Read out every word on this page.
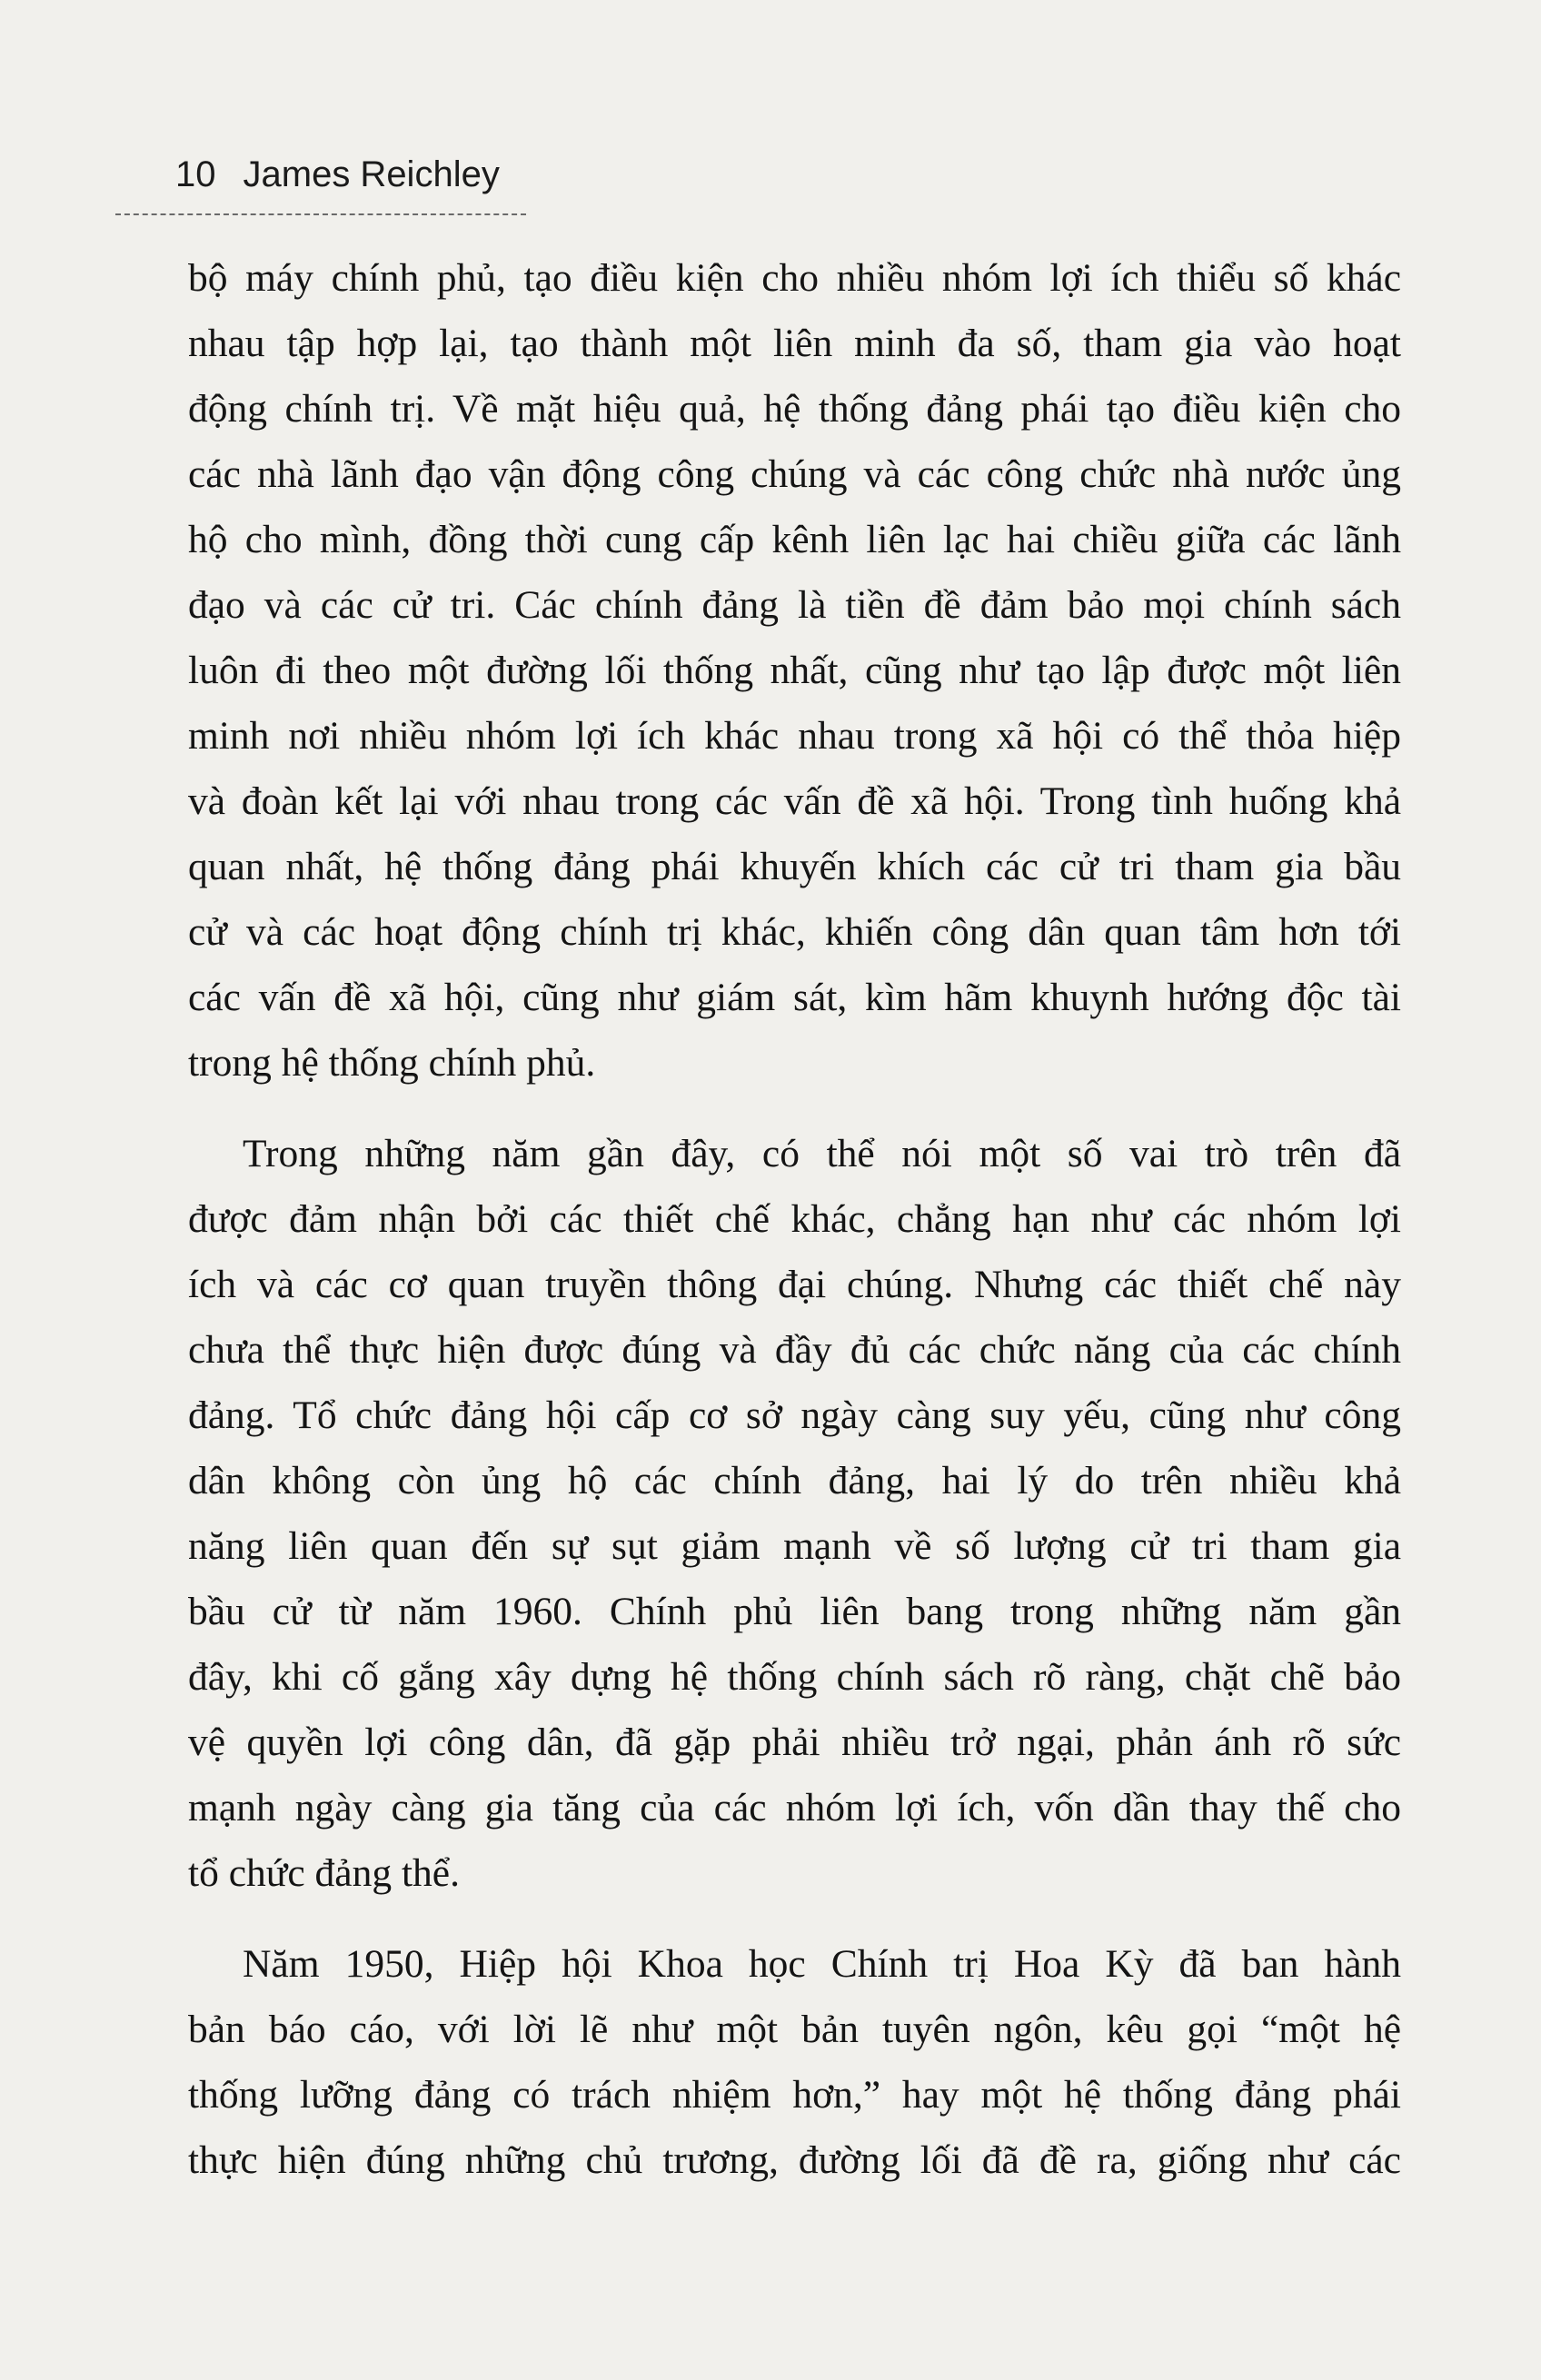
10 James Reichley

bộ máy chính phủ, tạo điều kiện cho nhiều nhóm lợi ích thiểu số khác
nhau tập hợp lại, tạo thành một liên minh đa số, tham gia vào hoạt
động chính trị. Về mặt hiệu quả, hệ thống đảng phái tạo điều kiện cho
các nhà lãnh đạo vận động công chúng và các công chức nhà nước ủng
hộ cho mình, đồng thời cung cấp kênh liên lạc hai chiều giữa các lãnh
đạo và các cử tri. Các chính đảng là tiền đề đảm bảo mọi chính sách
luôn đi theo một đường lối thống nhất, cũng như tạo lập được một liên
minh nơi nhiều nhóm lợi ích khác nhau trong xã hội có thể thỏa hiệp
và đoàn kết lại với nhau trong các vấn đề xã hội. Trong tình huống khả
quan nhất, hệ thống đảng phái khuyến khích các cử tri tham gia bầu
cử và các hoạt động chính trị khác, khiến công dân quan tâm hơn tới
các vấn đề xã hội, cũng như giám sát, kìm hãm khuynh hướng độc tài
trong hệ thống chính phủ.

Trong những năm gần đây, có thể nói một số vai trò trên đã
được đảm nhận bởi các thiết chế khác, chẳng hạn như các nhóm lợi
ích và các cơ quan truyền thông đại chúng. Nhưng các thiết chế này
chưa thể thực hiện được đúng và đầy đủ các chức năng của các chính
đảng. Tổ chức đảng hội cấp cơ sở ngày càng suy yếu, cũng như công
dân không còn ủng hộ các chính đảng, hai lý do trên nhiều khả
năng liên quan đến sự sụt giảm mạnh về số lượng cử tri tham gia
bầu cử từ năm 1960. Chính phủ liên bang trong những năm gần
đây, khi cố gắng xây dựng hệ thống chính sách rõ ràng, chặt chẽ bảo
vệ quyền lợi công dân, đã gặp phải nhiều trở ngại, phản ánh rõ sức
mạnh ngày càng gia tăng của các nhóm lợi ích, vốn dần thay thế cho
tổ chức đảng thể.

Năm 1950, Hiệp hội Khoa học Chính trị Hoa Kỳ đã ban hành
bản báo cáo, với lời lẽ như một bản tuyên ngôn, kêu gọi “một hệ
thống lưỡng đảng có trách nhiệm hơn,” hay một hệ thống đảng phái
thực hiện đúng những chủ trương, đường lối đã đề ra, giống như các
